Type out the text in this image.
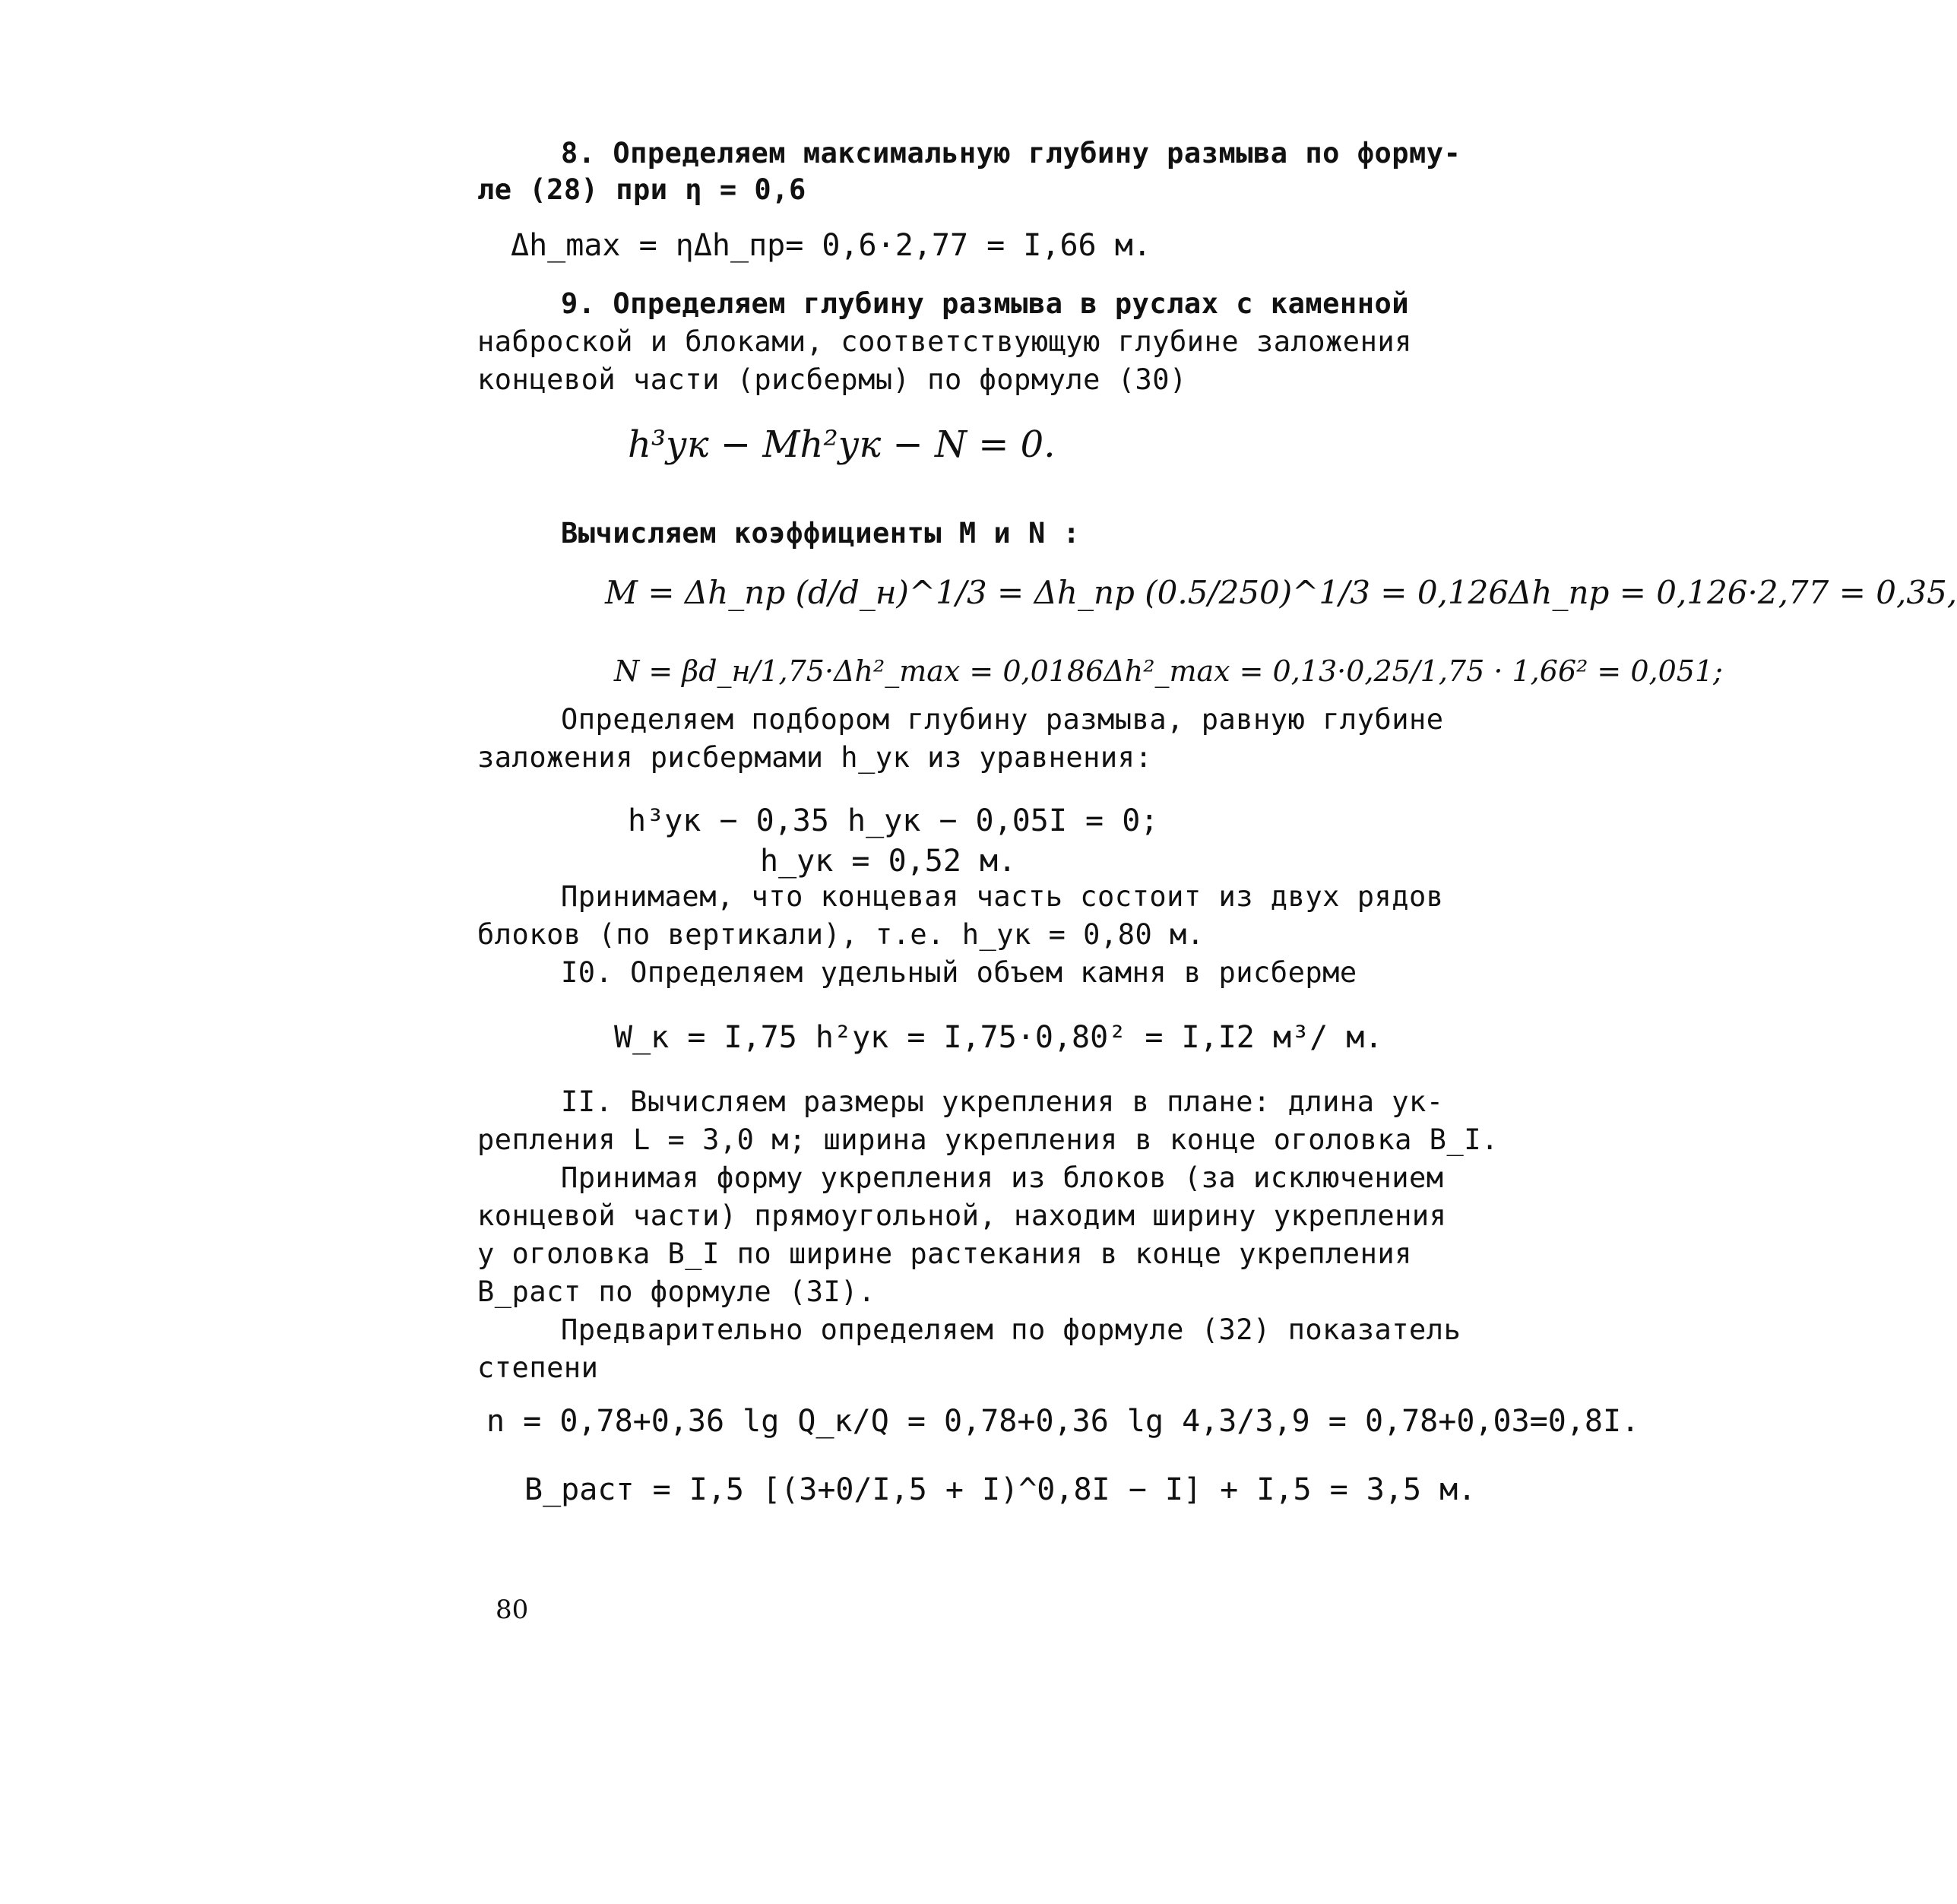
8. Определяем максимальную глубину размыва по форму-
ле (28) при η = 0,6
Δh_max = ηΔh_пр= 0,6·2,77 = I,66 м.
9. Определяем глубину размыва в руслах с каменной
наброской и блоками, соответствующую глубине заложения
концевой части (рисбермы) по формуле (30)
h³ук − Mh²ук − N = 0.
Вычисляем коэффициенты M и N :
M = Δh_пр (d/d_н)^1/3 = Δh_пр (0.5/250)^1/3 = 0,126Δh_пр = 0,126·2,77 = 0,35,
N = βd_н/1,75·Δh²_max = 0,0186Δh²_max = 0,13·0,25/1,75 · 1,66² = 0,051;
Определяем подбором глубину размыва, равную глубине
заложения рисбермами h_ук из уравнения:
h³ук − 0,35 h_ук − 0,05I = 0;
h_ук = 0,52 м.
Принимаем, что концевая часть состоит из двух рядов
блоков (по вертикали), т.е. h_ук = 0,80 м.
I0. Определяем удельный объем камня в рисберме
W_к = I,75 h²ук = I,75·0,80² = I,I2 м³/ м.
II. Вычисляем размеры укрепления в плане: длина ук-
репления L = 3,0 м; ширина укрепления в конце оголовка B_I.
Принимая форму укрепления из блоков (за исключением
концевой части) прямоугольной, находим ширину укрепления
у оголовка B_I по ширине растекания в конце укрепления
B_раст по формуле (3I).
Предварительно определяем по формуле (32) показатель
степени
n = 0,78+0,36 lg Q_к/Q = 0,78+0,36 lg 4,3/3,9 = 0,78+0,03=0,8I.
B_раст = I,5 [(3+0/I,5 + I)^0,8I − I] + I,5 = 3,5 м.
80
